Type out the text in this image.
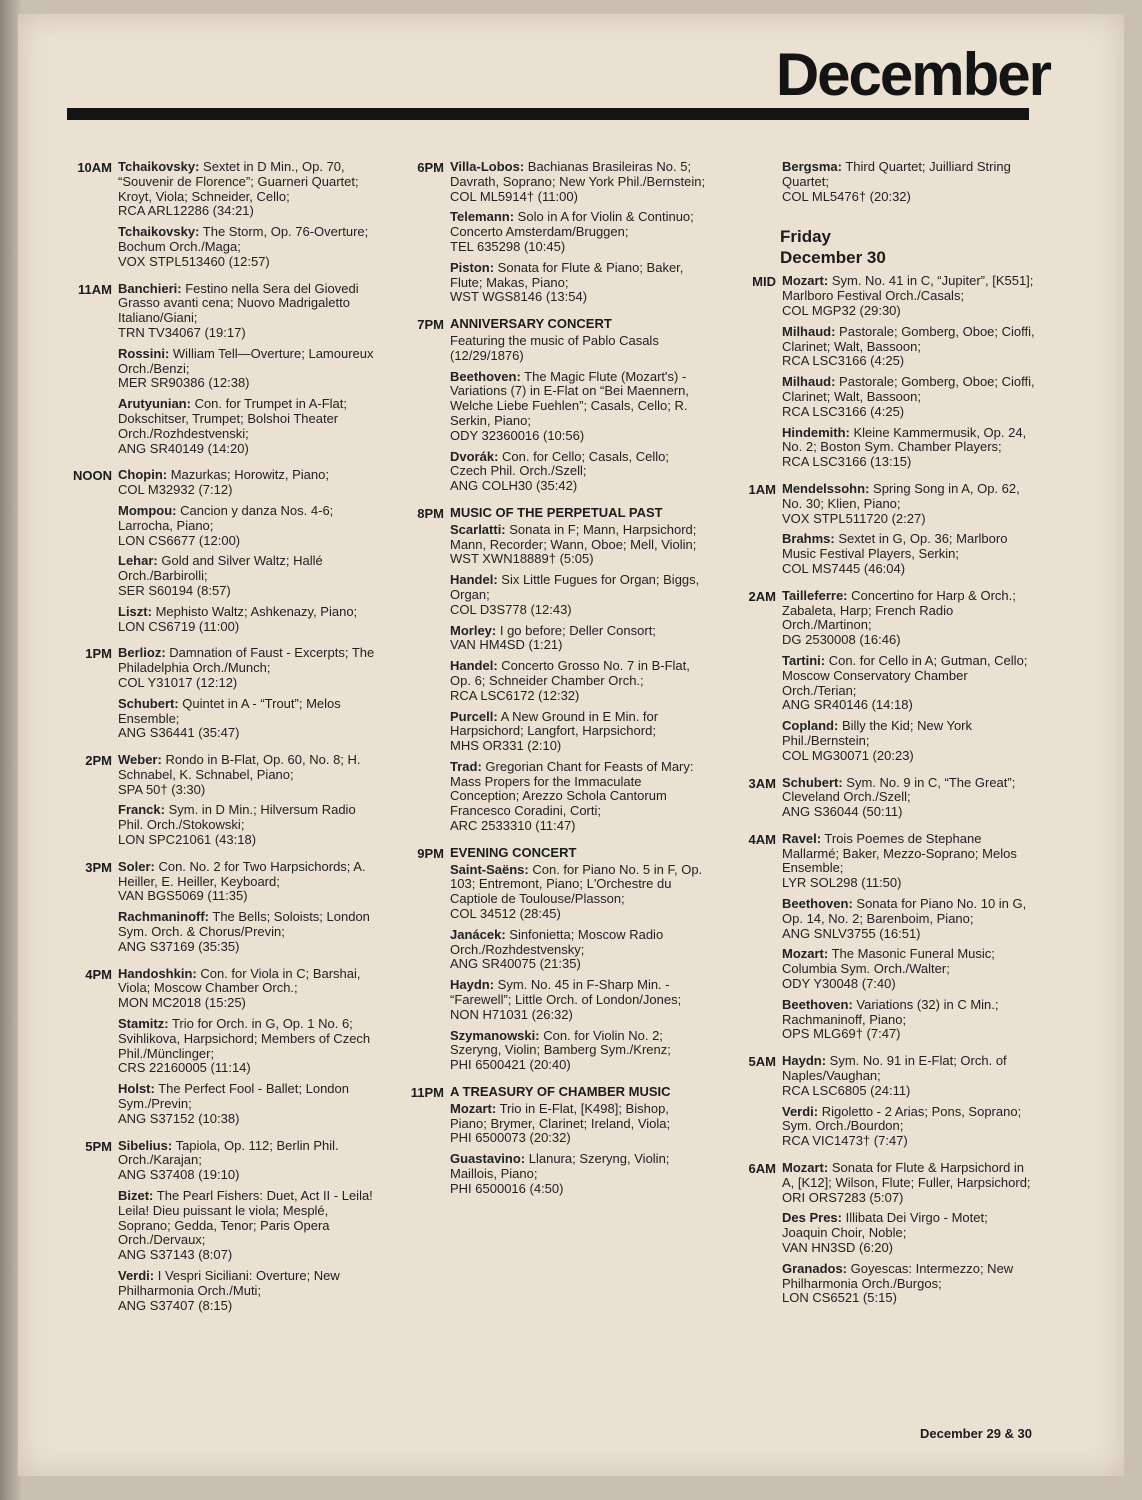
December
10AM Tchaikovsky: Sextet in D Min., Op. 70, “Souvenir de Florence”; Guarneri Quartet; Kroyt, Viola; Schneider, Cello;
RCA ARL12286 (34:21)
Tchaikovsky: The Storm, Op. 76-Overture; Bochum Orch./Maga;
VOX STPL513460 (12:57)
11AM Banchieri: Festino nella Sera del Giovedi Grasso avanti cena; Nuovo Madrigaletto Italiano/Giani;
TRN TV34067 (19:17)
Rossini: William Tell—Overture; Lamoureux Orch./Benzi;
MER SR90386 (12:38)
Arutyunian: Con. for Trumpet in A-Flat; Dokschitser, Trumpet; Bolshoi Theater Orch./Rozhdestvenski;
ANG SR40149 (14:20)
NOON Chopin: Mazurkas; Horowitz, Piano;
COL M32932 (7:12)
Mompou: Cancion y danza Nos. 4-6; Larrocha, Piano;
LON CS6677 (12:00)
Lehar: Gold and Silver Waltz; Hallé Orch./Barbirolli;
SER S60194 (8:57)
Liszt: Mephisto Waltz; Ashkenazy, Piano;
LON CS6719 (11:00)
1PM Berlioz: Damnation of Faust - Excerpts; The Philadelphia Orch./Munch;
COL Y31017 (12:12)
Schubert: Quintet in A - “Trout”; Melos Ensemble;
ANG S36441 (35:47)
2PM Weber: Rondo in B-Flat, Op. 60, No. 8; H. Schnabel, K. Schnabel, Piano;
SPA 50† (3:30)
Franck: Sym. in D Min.; Hilversum Radio Phil. Orch./Stokowski;
LON SPC21061 (43:18)
3PM Soler: Con. No. 2 for Two Harpsichords; A. Heiller, E. Heiller, Keyboard;
VAN BGS5069 (11:35)
Rachmaninoff: The Bells; Soloists; London Sym. Orch. & Chorus/Previn;
ANG S37169 (35:35)
4PM Handoshkin: Con. for Viola in C; Barshai, Viola; Moscow Chamber Orch.;
MON MC2018 (15:25)
Stamitz: Trio for Orch. in G, Op. 1 No. 6; Svihlikova, Harpsichord; Members of Czech Phil./Münclinger;
CRS 22160005 (11:14)
Holst: The Perfect Fool - Ballet; London Sym./Previn;
ANG S37152 (10:38)
5PM Sibelius: Tapiola, Op. 112; Berlin Phil. Orch./Karajan;
ANG S37408 (19:10)
Bizet: The Pearl Fishers: Duet, Act II - Leila! Leila! Dieu puissant le viola; Mesplé, Soprano; Gedda, Tenor; Paris Opera Orch./Dervaux;
ANG S37143 (8:07)
Verdi: I Vespri Siciliani: Overture; New Philharmonia Orch./Muti;
ANG S37407 (8:15)
6PM Villa-Lobos: Bachianas Brasileiras No. 5; Davrath, Soprano; New York Phil./Bernstein;
COL ML5914† (11:00)
Telemann: Solo in A for Violin & Continuo; Concerto Amsterdam/Bruggen;
TEL 635298 (10:45)
Piston: Sonata for Flute & Piano; Baker, Flute; Makas, Piano;
WST WGS8146 (13:54)
7PM ANNIVERSARY CONCERT
Featuring the music of Pablo Casals (12/29/1876)
Beethoven: The Magic Flute (Mozart's) - Variations (7) in E-Flat on “Bei Maennern, Welche Liebe Fuehlen”; Casals, Cello; R. Serkin, Piano;
ODY 32360016 (10:56)
Dvorák: Con. for Cello; Casals, Cello; Czech Phil. Orch./Szell;
ANG COLH30 (35:42)
8PM MUSIC OF THE PERPETUAL PAST
Scarlatti: Sonata in F; Mann, Harpsichord; Mann, Recorder; Wann, Oboe; Mell, Violin;
WST XWN18889† (5:05)
Handel: Six Little Fugues for Organ; Biggs, Organ;
COL D3S778 (12:43)
Morley: I go before; Deller Consort;
VAN HM4SD (1:21)
Handel: Concerto Grosso No. 7 in B-Flat, Op. 6; Schneider Chamber Orch.;
RCA LSC6172 (12:32)
Purcell: A New Ground in E Min. for Harpsichord; Langfort, Harpsichord;
MHS OR331 (2:10)
Trad: Gregorian Chant for Feasts of Mary: Mass Propers for the Immaculate Conception; Arezzo Schola Cantorum Francesco Coradini, Corti;
ARC 2533310 (11:47)
9PM EVENING CONCERT
Saint-Saëns: Con. for Piano No. 5 in F, Op. 103; Entremont, Piano; L'Orchestre du Captiole de Toulouse/Plasson;
COL 34512 (28:45)
Janácek: Sinfonietta; Moscow Radio Orch./Rozhdestvensky;
ANG SR40075 (21:35)
Haydn: Sym. No. 45 in F-Sharp Min. - “Farewell”; Little Orch. of London/Jones;
NON H71031 (26:32)
Szymanowski: Con. for Violin No. 2; Szeryng, Violin; Bamberg Sym./Krenz;
PHI 6500421 (20:40)
11PM A TREASURY OF CHAMBER MUSIC
Mozart: Trio in E-Flat, [K498]; Bishop, Piano; Brymer, Clarinet; Ireland, Viola;
PHI 6500073 (20:32)
Guastavino: Llanura; Szeryng, Violin; Maillois, Piano;
PHI 6500016 (4:50)
Bergsma: Third Quartet; Juilliard String Quartet;
COL ML5476† (20:32)
Friday
December 30
MID Mozart: Sym. No. 41 in C, “Jupiter”, [K551]; Marlboro Festival Orch./Casals;
COL MGP32 (29:30)
Milhaud: Pastorale; Gomberg, Oboe; Cioffi, Clarinet; Walt, Bassoon;
RCA LSC3166 (4:25)
Milhaud: Pastorale; Gomberg, Oboe; Cioffi, Clarinet; Walt, Bassoon;
RCA LSC3166 (4:25)
Hindemith: Kleine Kammermusik, Op. 24, No. 2; Boston Sym. Chamber Players;
RCA LSC3166 (13:15)
1AM Mendelssohn: Spring Song in A, Op. 62, No. 30; Klien, Piano;
VOX STPL511720 (2:27)
Brahms: Sextet in G, Op. 36; Marlboro Music Festival Players, Serkin;
COL MS7445 (46:04)
2AM Tailleferre: Concertino for Harp & Orch.; Zabaleta, Harp; French Radio Orch./Martinon;
DG 2530008 (16:46)
Tartini: Con. for Cello in A; Gutman, Cello; Moscow Conservatory Chamber Orch./Terian;
ANG SR40146 (14:18)
Copland: Billy the Kid; New York Phil./Bernstein;
COL MG30071 (20:23)
3AM Schubert: Sym. No. 9 in C, “The Great”; Cleveland Orch./Szell;
ANG S36044 (50:11)
4AM Ravel: Trois Poemes de Stephane Mallarmé; Baker, Mezzo-Soprano; Melos Ensemble;
LYR SOL298 (11:50)
Beethoven: Sonata for Piano No. 10 in G, Op. 14, No. 2; Barenboim, Piano;
ANG SNLV3755 (16:51)
Mozart: The Masonic Funeral Music; Columbia Sym. Orch./Walter;
ODY Y30048 (7:40)
Beethoven: Variations (32) in C Min.; Rachmaninoff, Piano;
OPS MLG69† (7:47)
5AM Haydn: Sym. No. 91 in E-Flat; Orch. of Naples/Vaughan;
RCA LSC6805 (24:11)
Verdi: Rigoletto - 2 Arias; Pons, Soprano; Sym. Orch./Bourdon;
RCA VIC1473† (7:47)
6AM Mozart: Sonata for Flute & Harpsichord in A, [K12]; Wilson, Flute; Fuller, Harpsichord;
ORI ORS7283 (5:07)
Des Pres: Illibata Dei Virgo - Motet; Joaquin Choir, Noble;
VAN HN3SD (6:20)
Granados: Goyescas: Intermezzo; New Philharmonia Orch./Burgos;
LON CS6521 (5:15)
December 29 & 30
